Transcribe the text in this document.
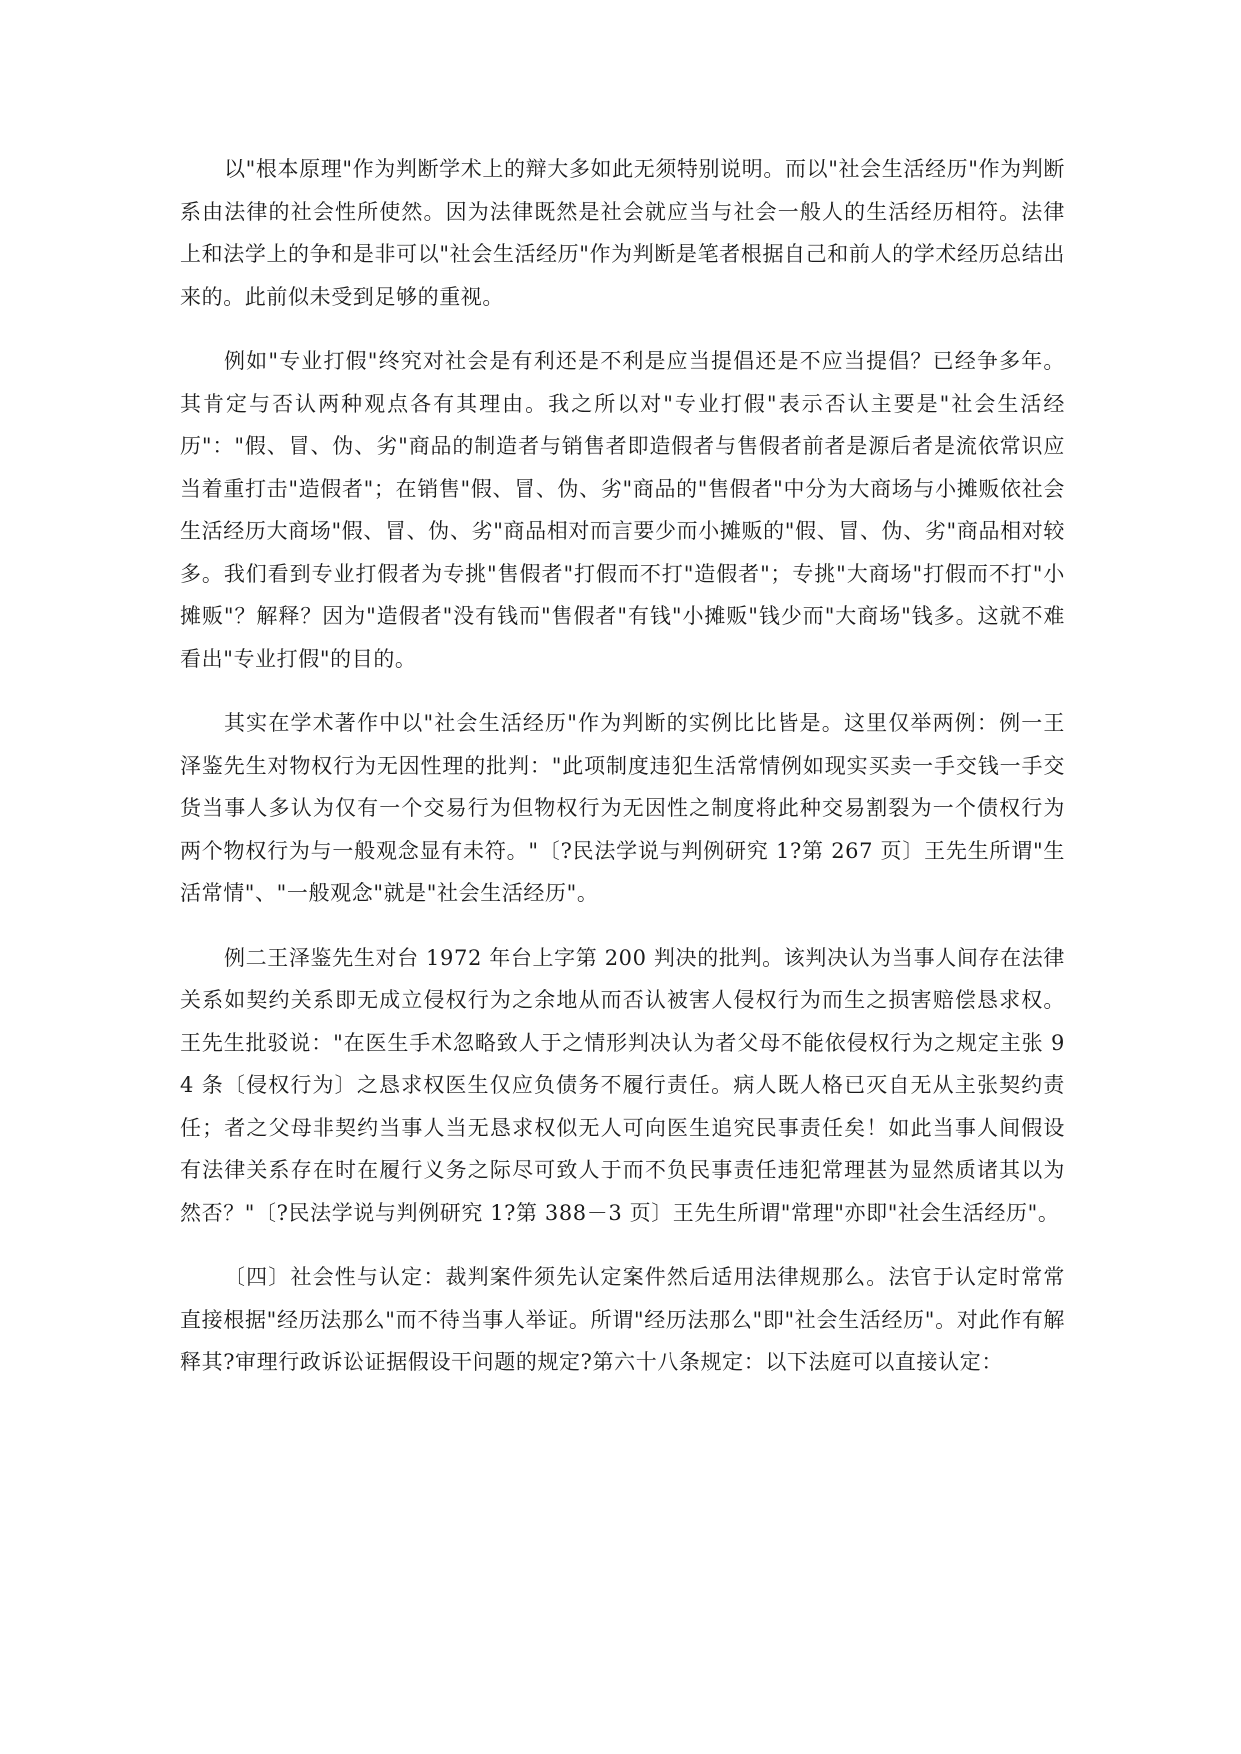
以"根本原理"作为判断学术上的辩大多如此无须特别说明。而以"社会生活经历"作为判断系由法律的社会性所使然。因为法律既然是社会就应当与社会一般人的生活经历相符。法律上和法学上的争和是非可以"社会生活经历"作为判断是笔者根据自己和前人的学术经历总结出来的。此前似未受到足够的重视。

例如"专业打假"终究对社会是有利还是不利是应当提倡还是不应当提倡？已经争多年。其肯定与否认两种观点各有其理由。我之所以对"专业打假"表示否认主要是"社会生活经历"："假、冒、伪、劣"商品的制造者与销售者即造假者与售假者前者是源后者是流依常识应当着重打击"造假者"；在销售"假、冒、伪、劣"商品的"售假者"中分为大商场与小摊贩依社会生活经历大商场"假、冒、伪、劣"商品相对而言要少而小摊贩的"假、冒、伪、劣"商品相对较多。我们看到专业打假者为专挑"售假者"打假而不打"造假者"；专挑"大商场"打假而不打"小摊贩"？解释？因为"造假者"没有钱而"售假者"有钱"小摊贩"钱少而"大商场"钱多。这就不难看出"专业打假"的目的。

其实在学术著作中以"社会生活经历"作为判断的实例比比皆是。这里仅举两例：例一王泽鉴先生对物权行为无因性理的批判："此项制度违犯生活常情例如现实买卖一手交钱一手交货当事人多认为仅有一个交易行为但物权行为无因性之制度将此种交易割裂为一个债权行为两个物权行为与一般观念显有未符。"〔?民法学说与判例研究 1?第 267 页〕王先生所谓"生活常情"、"一般观念"就是"社会生活经历"。

例二王泽鉴先生对台 1972 年台上字第 200 判决的批判。该判决认为当事人间存在法律关系如契约关系即无成立侵权行为之余地从而否认被害人侵权行为而生之损害赔偿恳求权。王先生批驳说："在医生手术忽略致人于之情形判决认为者父母不能依侵权行为之规定主张 94 条〔侵权行为〕之恳求权医生仅应负债务不履行责任。病人既人格已灭自无从主张契约责任；者之父母非契约当事人当无恳求权似无人可向医生追究民事责任矣！如此当事人间假设有法律关系存在时在履行义务之际尽可致人于而不负民事责任违犯常理甚为显然质诸其以为然否？"〔?民法学说与判例研究 1?第 388－3 页〕王先生所谓"常理"亦即"社会生活经历"。

〔四〕社会性与认定：裁判案件须先认定案件然后适用法律规那么。法官于认定时常常直接根据"经历法那么"而不待当事人举证。所谓"经历法那么"即"社会生活经历"。对此作有解释其?审理行政诉讼证据假设干问题的规定?第六十八条规定：以下法庭可以直接认定：
